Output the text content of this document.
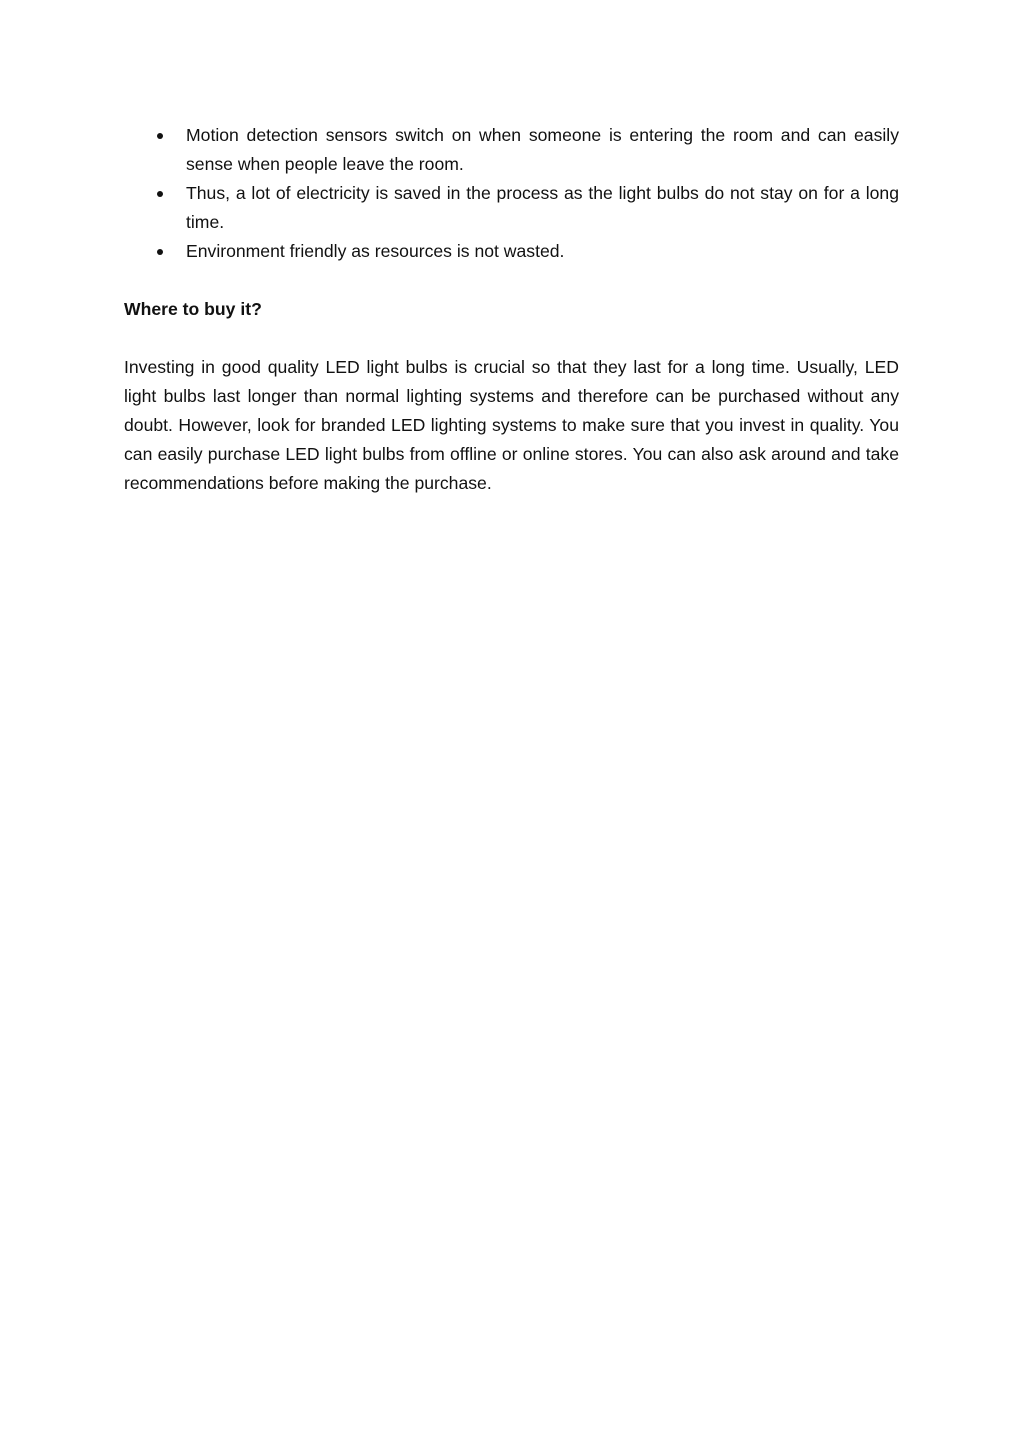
Motion detection sensors switch on when someone is entering the room and can easily sense when people leave the room.
Thus, a lot of electricity is saved in the process as the light bulbs do not stay on for a long time.
Environment friendly as resources is not wasted.

Where to buy it?

Investing in good quality LED light bulbs is crucial so that they last for a long time. Usually, LED light bulbs last longer than normal lighting systems and therefore can be purchased without any doubt. However, look for branded LED lighting systems to make sure that you invest in quality. You can easily purchase LED light bulbs from offline or online stores. You can also ask around and take recommendations before making the purchase.
